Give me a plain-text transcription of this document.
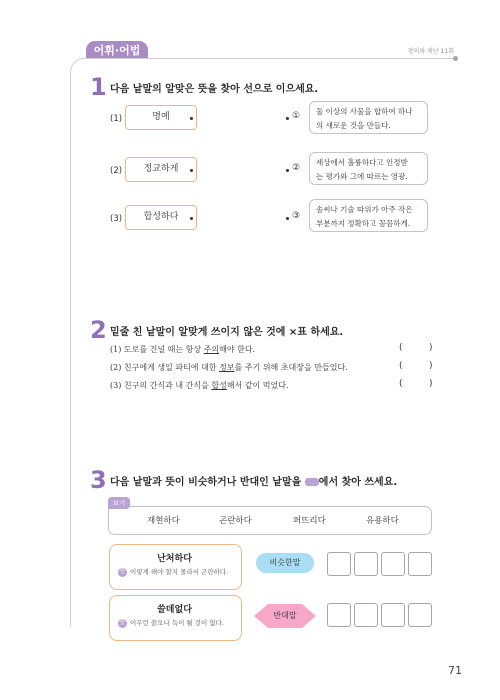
어휘·어법	창의와 재난 11회
1 다음 낱말의 알맞은 뜻을 찾아 선으로 이으세요.
(1)	명예
(2)	정교하게
(3)	합성하다
① 둘 이상의 사물을 합하여 하나
의 새로운 것을 만들다.
②
세상에서 훌륭하다고 인정받
는 평가와 그에 따르는 영광.
③
솜씨나 기술 따위가 아주 작은
부분까지 정확하고 꼼꼼하게.
2 밑줄 친 낱말이 알맞게 쓰이지 않은 것에 ×표 하세요.
(1) 도로를 건널 때는 항상 주의해야 한다.	(	)
(2) 친구에게 생일 파티에 대한 정보를 주기 위해 초대장을 만들었다.	(	)
(3) 친구의 간식과 내 간식을 합성해서 같이 먹었다.	(	)
3 다음 낱말과 뜻이 비슷하거나 반대인 낱말을 에서 찾아 쓰세요.
보기
재현하다	곤란하다	퍼뜨리다	유용하다
난처하다
뜻 이렇게 해야 할지 몰라서 곤란하다.
비슷한말
쓸데없다
뜻 이무런 쓸모나 득이 될 것이 없다.
반대말
71
